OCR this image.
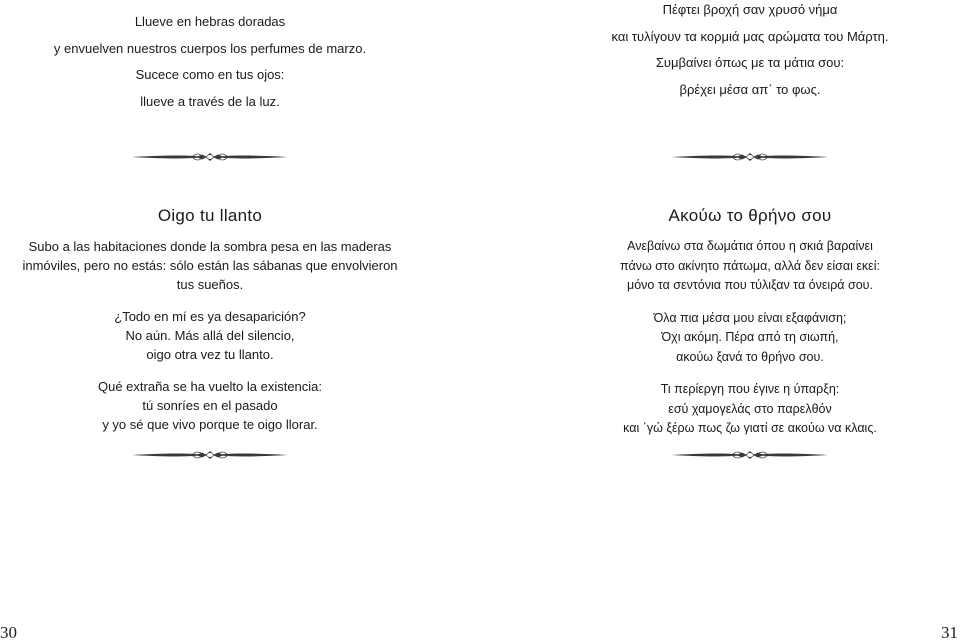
Llueve en hebras doradas

y envuelven nuestros cuerpos los perfumes de marzo.

Sucece como en tus ojos:

llueve a través de la luz.

Oigo tu llanto

Subo a las habitaciones donde la sombra pesa en las maderas

inmóviles, pero no estás: sólo están las sábanas que envolvieron

tus sueños.

¿Todo en mí es ya desaparición?

No aún. Más allá del silencio,

oigo otra vez tu llanto.

Qué extraña se ha vuelto la existencia:

tú sonríes en el pasado

y yo sé que vivo porque te oigo llorar.

30

Πέφτει βροχή σαν χρυσό νήμα

και τυλίγουν τα κορμιά μας αρώματα του Μάρτη.

Συμβαίνει όπως με τα μάτια σου:

βρέχει μέσα απ΄ το φως.

Ακούω το θρήνο σου

Ανεβαίνω στα δωμάτια όπου η σκιά βαραίνει

πάνω στο ακίνητο πάτωμα, αλλά δεν είσαι εκεί:

μόνο τα σεντόνια που τύλιξαν τα όνειρά σου.

Όλα πια μέσα μου είναι εξαφάνιση;

Όχι ακόμη. Πέρα από τη σιωπή,

ακούω ξανά το θρήνο σου.

Τι περίεργη που έγινε η ύπαρξη:

εσύ χαμογελάς στο παρελθόν

και ΄γώ ξέρω πως ζω γιατί σε ακούω να κλαις.

31
